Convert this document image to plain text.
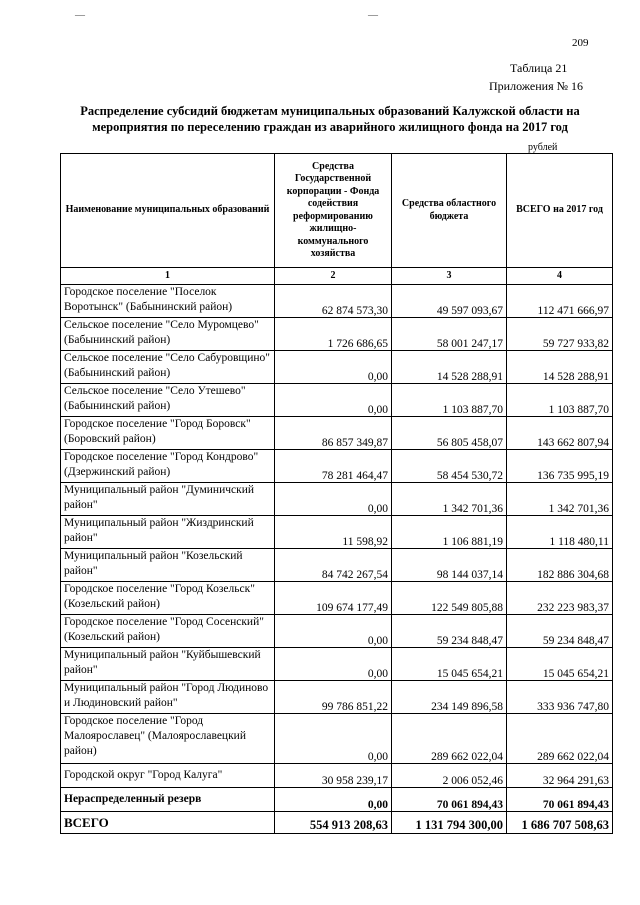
—	—
209
Таблица 21
Приложения № 16
Распределение субсидий бюджетам муниципальных образований Калужской области на
мероприятия по переселению граждан из аварийного жилищного фонда на 2017 год
рублей
Наименование муниципальных образований	Средства Государственной корпорации - Фонда содействия реформированию жилищно-коммунального хозяйства	Средства областного бюджета	ВСЕГО на 2017 год
1	2	3	4
Городское поселение "Поселок Воротынск" (Бабынинский район)	62 874 573,30	49 597 093,67	112 471 666,97
Сельское поселение "Село Муромцево" (Бабынинский район)	1 726 686,65	58 001 247,17	59 727 933,82
Сельское поселение "Село Сабуровщино" (Бабынинский район)	0,00	14 528 288,91	14 528 288,91
Сельское поселение "Село Утешево" (Бабынинский район)	0,00	1 103 887,70	1 103 887,70
Городское поселение "Город Боровск" (Боровский район)	86 857 349,87	56 805 458,07	143 662 807,94
Городское поселение "Город Кондрово" (Дзержинский район)	78 281 464,47	58 454 530,72	136 735 995,19
Муниципальный район "Думиничский район"	0,00	1 342 701,36	1 342 701,36
Муниципальный район "Жиздринский район"	11 598,92	1 106 881,19	1 118 480,11
Муниципальный район "Козельский район"	84 742 267,54	98 144 037,14	182 886 304,68
Городское поселение "Город Козельск" (Козельский район)	109 674 177,49	122 549 805,88	232 223 983,37
Городское поселение "Город Сосенский" (Козельский район)	0,00	59 234 848,47	59 234 848,47
Муниципальный район "Куйбышевский район"	0,00	15 045 654,21	15 045 654,21
Муниципальный район "Город Людиново и Людиновский район"	99 786 851,22	234 149 896,58	333 936 747,80
Городское поселение "Город Малоярославец" (Малоярославецкий район)	0,00	289 662 022,04	289 662 022,04
Городской округ "Город Калуга"	30 958 239,17	2 006 052,46	32 964 291,63
Нераспределенный резерв	0,00	70 061 894,43	70 061 894,43
ВСЕГО	554 913 208,63	1 131 794 300,00	1 686 707 508,63
